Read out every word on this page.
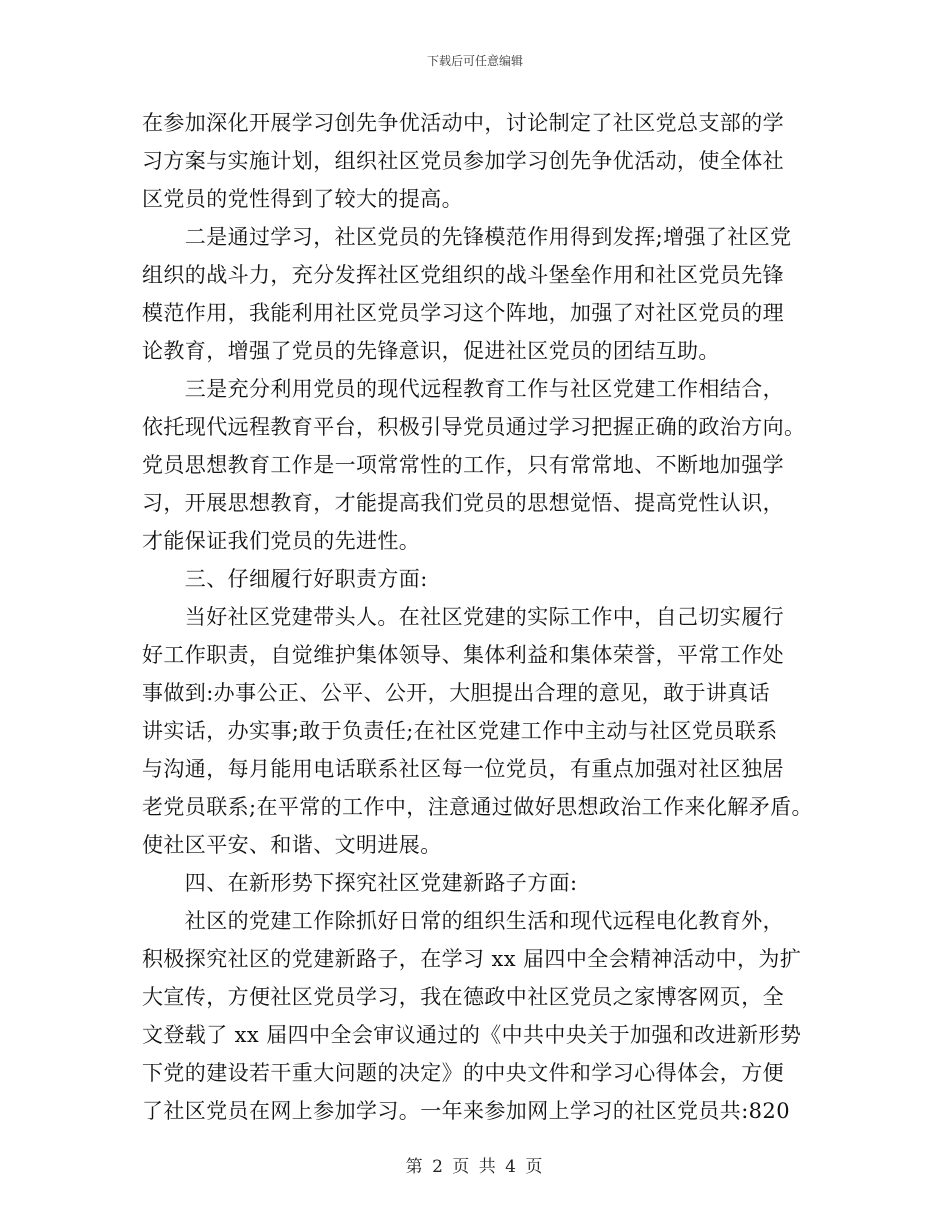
下载后可任意编辑
在参加深化开展学习创先争优活动中，讨论制定了社区党总支部的学
习方案与实施计划，组织社区党员参加学习创先争优活动，使全体社
区党员的党性得到了较大的提高。
　　二是通过学习，社区党员的先锋模范作用得到发挥;增强了社区党
组织的战斗力，充分发挥社区党组织的战斗堡垒作用和社区党员先锋
模范作用，我能利用社区党员学习这个阵地，加强了对社区党员的理
论教育，增强了党员的先锋意识，促进社区党员的团结互助。
　　三是充分利用党员的现代远程教育工作与社区党建工作相结合，
依托现代远程教育平台，积极引导党员通过学习把握正确的政治方向。
党员思想教育工作是一项常常性的工作，只有常常地、不断地加强学
习，开展思想教育，才能提高我们党员的思想觉悟、提高党性认识，
才能保证我们党员的先进性。
　　三、仔细履行好职责方面:
　　当好社区党建带头人。在社区党建的实际工作中，自己切实履行
好工作职责，自觉维护集体领导、集体利益和集体荣誉，平常工作处
事做到:办事公正、公平、公开，大胆提出合理的意见，敢于讲真话
讲实话，办实事;敢于负责任;在社区党建工作中主动与社区党员联系
与沟通，每月能用电话联系社区每一位党员，有重点加强对社区独居
老党员联系;在平常的工作中，注意通过做好思想政治工作来化解矛盾。
使社区平安、和谐、文明进展。
　　四、在新形势下探究社区党建新路子方面:
　　社区的党建工作除抓好日常的组织生活和现代远程电化教育外，
积极探究社区的党建新路子，在学习 xx 届四中全会精神活动中，为扩
大宣传，方便社区党员学习，我在德政中社区党员之家博客网页，全
文登载了 xx 届四中全会审议通过的《中共中央关于加强和改进新形势
下党的建设若干重大问题的决定》的中央文件和学习心得体会，方便
了社区党员在网上参加学习。一年来参加网上学习的社区党员共:820
第 2 页 共 4 页
